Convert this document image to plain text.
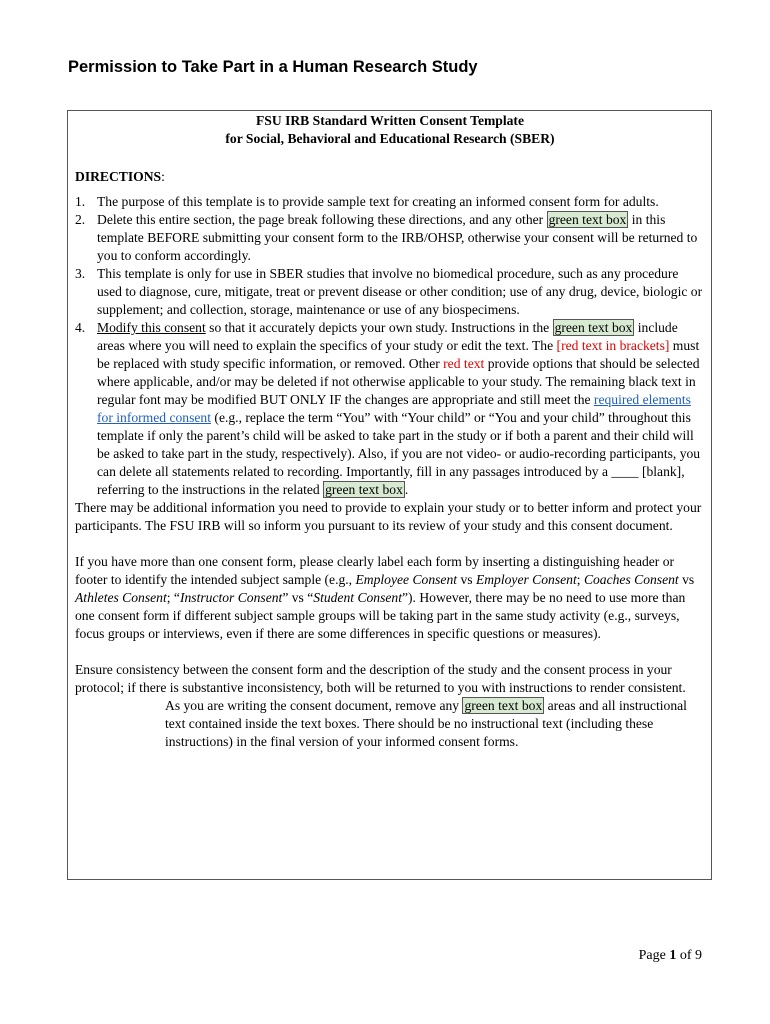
Permission to Take Part in a Human Research Study
FSU IRB Standard Written Consent Template
for Social, Behavioral and Educational Research (SBER)
DIRECTIONS:
1. The purpose of this template is to provide sample text for creating an informed consent form for adults.
2. Delete this entire section, the page break following these directions, and any other green text box in this template BEFORE submitting your consent form to the IRB/OHSP, otherwise your consent will be returned to you to conform accordingly.
3. This template is only for use in SBER studies that involve no biomedical procedure, such as any procedure used to diagnose, cure, mitigate, treat or prevent disease or other condition; use of any drug, device, biologic or supplement; and collection, storage, maintenance or use of any biospecimens.
4. Modify this consent so that it accurately depicts your own study. Instructions in the green text box include areas where you will need to explain the specifics of your study or edit the text. The [red text in brackets] must be replaced with study specific information, or removed. Other red text provide options that should be selected where applicable, and/or may be deleted if not otherwise applicable to your study. The remaining black text in regular font may be modified BUT ONLY IF the changes are appropriate and still meet the required elements for informed consent (e.g., replace the term “You” with “Your child” or “You and your child” throughout this template if only the parent’s child will be asked to take part in the study or if both a parent and their child will be asked to take part in the study, respectively). Also, if you are not video- or audio-recording participants, you can delete all statements related to recording. Importantly, fill in any passages introduced by a ____ [blank], referring to the instructions in the related green text box .

There may be additional information you need to provide to explain your study or to better inform and protect your participants. The FSU IRB will so inform you pursuant to its review of your study and this consent document.

If you have more than one consent form, please clearly label each form by inserting a distinguishing header or footer to identify the intended subject sample (e.g., Employee Consent vs Employer Consent; Coaches Consent vs Athletes Consent; “Instructor Consent” vs “Student Consent”). However, there may be no need to use more than one consent form if different subject sample groups will be taking part in the same study activity (e.g., surveys, focus groups or interviews, even if there are some differences in specific questions or measures).

Ensure consistency between the consent form and the description of the study and the consent process in your protocol; if there is substantive inconsistency, both will be returned to you with instructions to render consistent.

As you are writing the consent document, remove any green text box areas and all instructional text contained inside the text boxes. There should be no instructional text (including these instructions) in the final version of your informed consent forms.

Page 1 of 9
